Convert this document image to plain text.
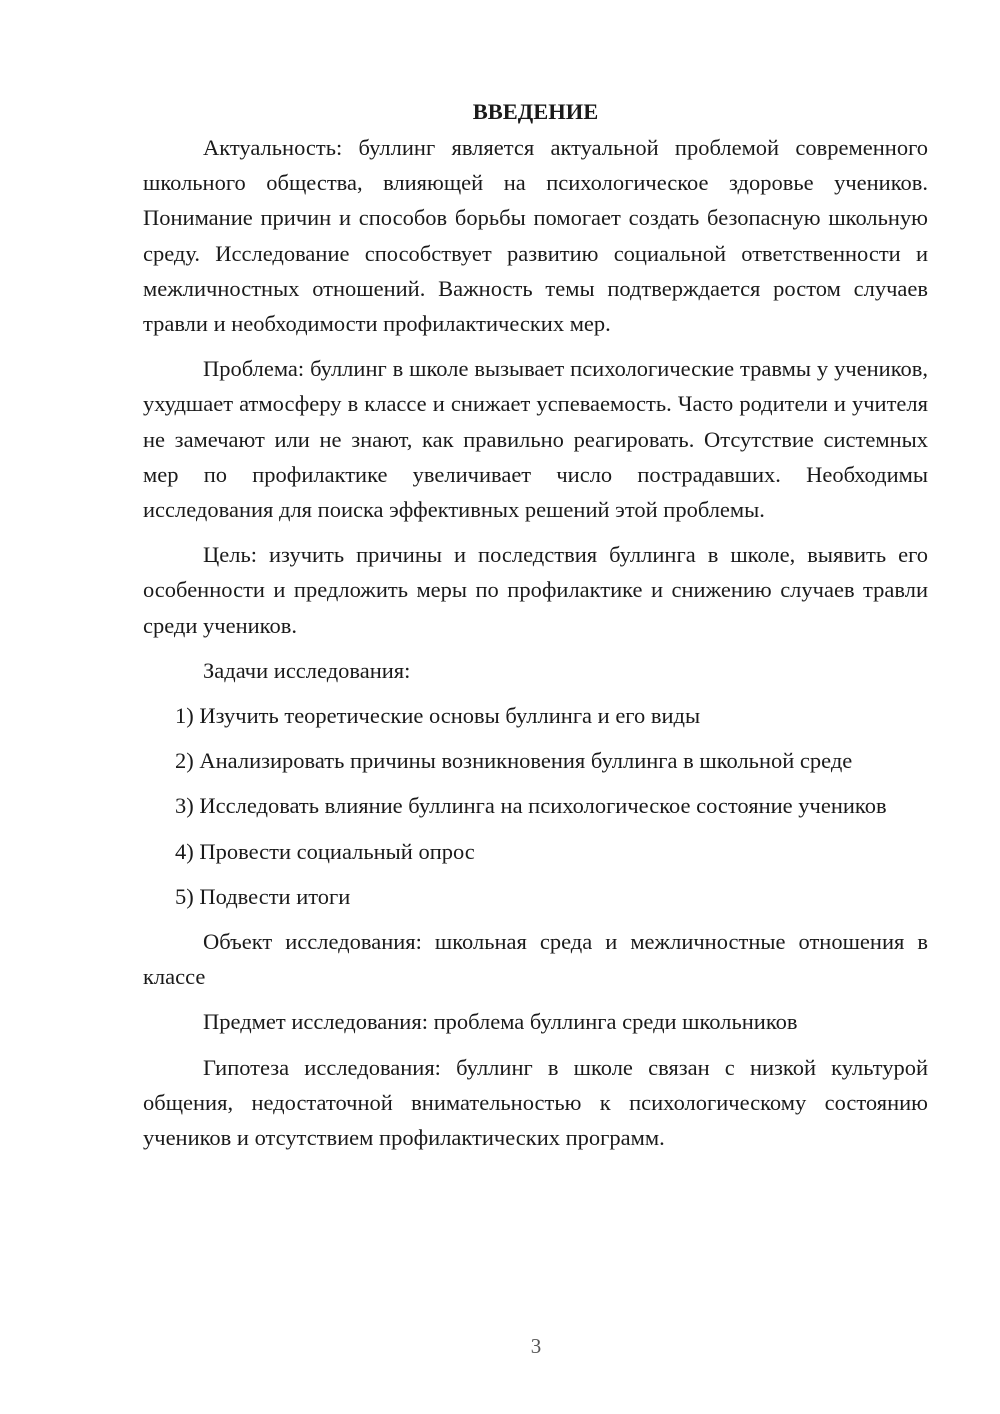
ВВЕДЕНИЕ

Актуальность: буллинг является актуальной проблемой современного школьного общества, влияющей на психологическое здоровье учеников. Понимание причин и способов борьбы помогает создать безопасную школьную среду. Исследование способствует развитию социальной ответственности и межличностных отношений. Важность темы подтверждается ростом случаев травли и необходимости профилактических мер.

Проблема: буллинг в школе вызывает психологические травмы у учеников, ухудшает атмосферу в классе и снижает успеваемость. Часто родители и учителя не замечают или не знают, как правильно реагировать. Отсутствие системных мер по профилактике увеличивает число пострадавших. Необходимы исследования для поиска эффективных решений этой проблемы.

Цель: изучить причины и последствия буллинга в школе, выявить его особенности и предложить меры по профилактике и снижению случаев травли среди учеников.

Задачи исследования:

1) Изучить теоретические основы буллинга и его виды

2) Анализировать причины возникновения буллинга в школьной среде

3) Исследовать влияние буллинга на психологическое состояние учеников

4) Провести социальный опрос

5) Подвести итоги

Объект исследования: школьная среда и межличностные отношения в классе

Предмет исследования: проблема буллинга среди школьников

Гипотеза исследования: буллинг в школе связан с низкой культурой общения, недостаточной внимательностью к психологическому состоянию учеников и отсутствием профилактических программ.

3
